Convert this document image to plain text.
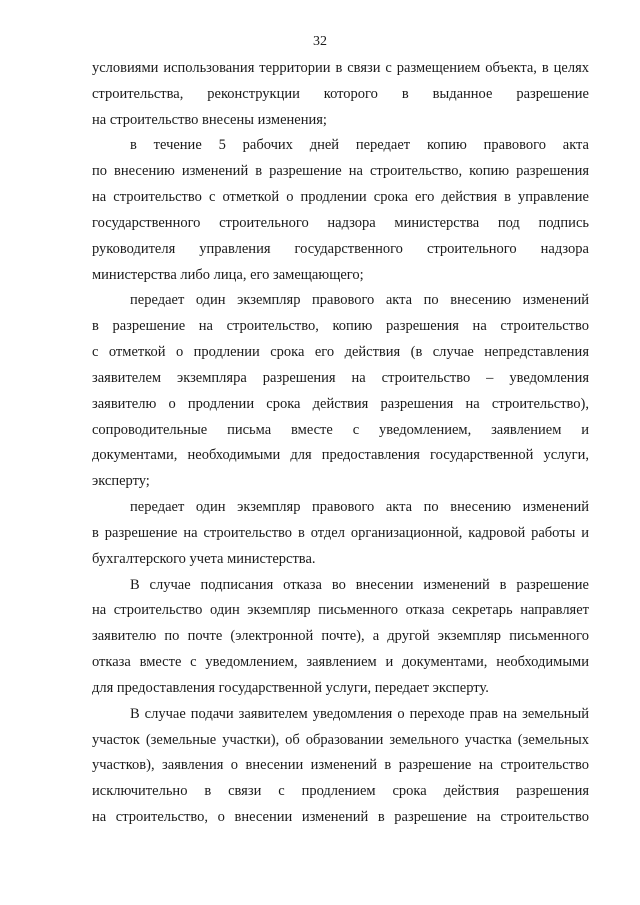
32
условиями использования территории в связи с размещением объекта, в целях
строительства, реконструкции которого в выданное разрешение
на строительство внесены изменения;
в течение 5 рабочих дней передает копию правового акта
по внесению изменений в разрешение на строительство, копию разрешения
на строительство с отметкой о продлении срока его действия в управление
государственного строительного надзора министерства под подпись
руководителя управления государственного строительного надзора
министерства либо лица, его замещающего;
передает один экземпляр правового акта по внесению изменений
в разрешение на строительство, копию разрешения на строительство
с отметкой о продлении срока его действия (в случае непредставления
заявителем экземпляра разрешения на строительство – уведомления
заявителю о продлении срока действия разрешения на строительство),
сопроводительные письма вместе с уведомлением, заявлением и
документами, необходимыми для предоставления государственной услуги,
эксперту;
передает один экземпляр правового акта по внесению изменений
в разрешение на строительство в отдел организационной, кадровой работы и
бухгалтерского учета министерства.
В случае подписания отказа во внесении изменений в разрешение
на строительство один экземпляр письменного отказа секретарь направляет
заявителю по почте (электронной почте), а другой экземпляр письменного
отказа вместе с уведомлением, заявлением и документами, необходимыми
для предоставления государственной услуги, передает эксперту.
В случае подачи заявителем уведомления о переходе прав на земельный
участок (земельные участки), об образовании земельного участка (земельных
участков), заявления о внесении изменений в разрешение на строительство
исключительно в связи с продлением срока действия разрешения
на строительство, о внесении изменений в разрешение на строительство
